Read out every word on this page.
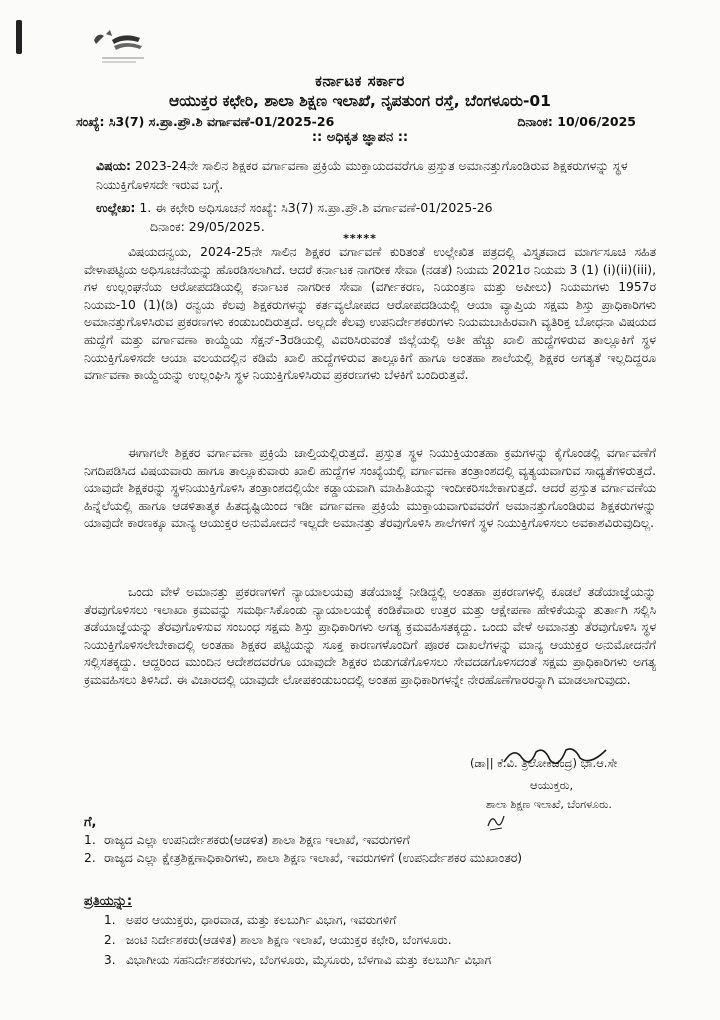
ಕರ್ನಾಟಕ ಸರ್ಕಾರ
ಆಯುಕ್ತರ ಕಛೇರಿ, ಶಾಲಾ ಶಿಕ್ಷಣ ಇಲಾಖೆ, ನೃಪತುಂಗ ರಸ್ತೆ, ಬೆಂಗಳೂರು-01
ಸಂಖ್ಯೆ: ಸಿ3(7) ಸ.ಪ್ರಾ.ಪ್ರೌ.ಶಿ ವರ್ಗಾವಣೆ-01/2025-26	ದಿನಾಂಕ: 10/06/2025
:: ಅಧಿಕೃತ ಜ್ಞಾಪನ ::
ವಿಷಯ: 2023-24ನೇ ಸಾಲಿನ ಶಿಕ್ಷಕರ ವರ್ಗಾವಣಾ ಪ್ರಕ್ರಿಯೆ ಮುಕ್ತಾಯದವರೆಗೂ ಪ್ರಸ್ತುತ ಅಮಾನತ್ತುಗೊಂಡಿರುವ ಶಿಕ್ಷಕರುಗಳನ್ನು ಸ್ಥಳ ನಿಯುಕ್ತಿಗೊಳಿಸದೇ ಇರುವ ಬಗ್ಗೆ.
ಉಲ್ಲೇಖ: 1. ಈ ಕಛೇರಿ ಅಧಿಸೂಚನೆ ಸಂಖ್ಯೆ: ಸಿ3(7) ಸ.ಪ್ರಾ.ಪ್ರೌ.ಶಿ ವರ್ಗಾವಣೆ-01/2025-26
ದಿನಾಂಕ: 29/05/2025.
*****
ವಿಷಯದನ್ವಯ, 2024-25ನೇ ಸಾಲಿನ ಶಿಕ್ಷಕರ ವರ್ಗಾವಣೆ ಕುರಿತಂತೆ ಉಲ್ಲೇಖಿತ ಪತ್ರದಲ್ಲಿ ವಿಸ್ತೃತವಾದ ಮಾರ್ಗಸೂಚಿ ಸಹಿತ ವೇಳಾಪಟ್ಟಿಯ ಅಧಿಸೂಚನೆಯನ್ನು ಹೊರಡಿಸಲಾಗಿದೆ. ಆದರೆ ಕರ್ನಾಟಕ ನಾಗರೀಕ ಸೇವಾ (ನಡತೆ) ನಿಯಮ 2021ರ ನಿಯಮ 3 (1) (i)(ii)(iii), ಗಳ ಉಲ್ಲಂಘನೆಯ ಆರೋಪದಡಿಯಲ್ಲಿ ಕರ್ನಾಟಕ ನಾಗರೀಕ ಸೇವಾ (ವರ್ಗೀಕರಣ, ನಿಯಂತ್ರಣ ಮತ್ತು ಅಪೀಲು) ನಿಯಮಗಳು 1957ರ ನಿಯಮ-10 (1)(ಡಿ) ರನ್ವಯ ಕೆಲವು ಶಿಕ್ಷಕರುಗಳನ್ನು ಕರ್ತವ್ಯಲೋಪದ ಆರೋಪದಡಿಯಲ್ಲಿ ಆಯಾ ವ್ಯಾಪ್ತಿಯ ಸಕ್ಷಮ ಶಿಸ್ತು ಪ್ರಾಧಿಕಾರಿಗಳು ಅಮಾನತ್ತುಗೊಳಿಸಿರುವ ಪ್ರಕರಣಗಳು ಕಂಡುಬಂದಿರುತ್ತದೆ. ಅಲ್ಲದೇ ಕೆಲವು ಉಪನಿರ್ದೇಶಕರುಗಳು ನಿಯಮಬಾಹಿರವಾಗಿ ವ್ಯತಿರಿಕ್ತ ಬೋಧನಾ ವಿಷಯದ ಹುದ್ದೆಗೆ ಮತ್ತು ವರ್ಗಾವಣಾ ಕಾಯ್ದೆಯ ಸೆಕ್ಷನ್-3ರಡಿಯಲ್ಲಿ ವಿವರಿಸಿರುವಂತೆ ಜಿಲ್ಲೆಯಲ್ಲಿ ಅತೀ ಹೆಚ್ಚು ಖಾಲಿ ಹುದ್ದೆಗಳಿರುವ ತಾಲ್ಲೂಕಿಗೆ ಸ್ಥಳ ನಿಯುಕ್ತಿಗೊಳಿಸದೇ ಆಯಾ ವಲಯದಲ್ಲಿನ ಕಡಿಮೆ ಖಾಲಿ ಹುದ್ದೆಗಳಿರುವ ತಾಲ್ಲೂಕಿಗೆ ಹಾಗೂ ಅಂತಹಾ ಶಾಲೆಯಲ್ಲಿ ಶಿಕ್ಷಕರ ಅಗತ್ಯತೆ ಇಲ್ಲದಿದ್ದರೂ ವರ್ಗಾವಣಾ ಕಾಯ್ದೆಯನ್ನು ಉಲ್ಲಂಘಿಸಿ ಸ್ಥಳ ನಿಯುಕ್ತಿಗೊಳಿಸಿರುವ ಪ್ರಕರಣಗಳು ಬೆಳಕಿಗೆ ಬಂದಿರುತ್ತವೆ.
ಈಗಾಗಲೇ ಶಿಕ್ಷಕರ ವರ್ಗಾವಣಾ ಪ್ರಕ್ರಿಯೆ ಚಾಲ್ತಿಯಲ್ಲಿರುತ್ತದೆ. ಪ್ರಸ್ತುತ ಸ್ಥಳ ನಿಯುಕ್ತಿಯಂತಹಾ ಕ್ರಮಗಳನ್ನು ಕೈಗೊಂಡಲ್ಲಿ ವರ್ಗಾವಣೆಗೆ ನಿಗದಿಪಡಿಸಿದ ವಿಷಯವಾರು ಹಾಗೂ ತಾಲ್ಲೂಕುವಾರು ಖಾಲಿ ಹುದ್ದೆಗಳ ಸಂಖ್ಯೆಯಲ್ಲಿ ವರ್ಗಾವಣಾ ತಂತ್ರಾಂಶದಲ್ಲಿ ವ್ಯತ್ಯಯವಾಗುವ ಸಾಧ್ಯತೆಗಳಿರುತ್ತದೆ. ಯಾವುದೇ ಶಿಕ್ಷಕರನ್ನು ಸ್ಥಳನಿಯುಕ್ತಿಗೊಳಿಸಿ ತಂತ್ರಾಂಶದಲ್ಲಿಯೇ ಕಡ್ಡಾಯವಾಗಿ ಮಾಹಿತಿಯನ್ನು ಇಂದೀಕರಿಸಬೇಕಾಗುತ್ತದೆ. ಆದರೆ ಪ್ರಸ್ತುತ ವರ್ಗಾವಣೆಯ ಹಿನ್ನೆಲೆಯಲ್ಲಿ ಹಾಗೂ ಆಡಳಿತಾತ್ಮಕ ಹಿತದೃಷ್ಟಿಯಿಂದ ಇಡೀ ವರ್ಗಾವಣಾ ಪ್ರಕ್ರಿಯೆ ಮುಕ್ತಾಯವಾಗುವವರೆಗೆ ಅಮಾನತ್ತುಗೊಂಡಿರುವ ಶಿಕ್ಷಕರುಗಳನ್ನು ಯಾವುದೇ ಕಾರಣಕ್ಕೂ ಮಾನ್ಯ ಆಯುಕ್ತರ ಅನುಮೋದನೆ ಇಲ್ಲದೇ ಅಮಾನತ್ತು ತೆರವುಗೊಳಿಸಿ ಶಾಲೆಗಳಿಗೆ ಸ್ಥಳ ನಿಯುಕ್ತಿಗೊಳಿಸಲು ಅವಕಾಶವಿರುವುದಿಲ್ಲ.
ಒಂದು ವೇಳೆ ಅಮಾನತ್ತು ಪ್ರಕರಣಗಳಿಗೆ ನ್ಯಾಯಾಲಯವು ತಡೆಯಾಜ್ಞೆ ನೀಡಿದ್ದಲ್ಲಿ ಅಂತಹಾ ಪ್ರಕರಣಗಳಲ್ಲಿ ಕೂಡಲೆ ತಡೆಯಾಜ್ಞೆಯನ್ನು ತೆರವುಗೊಳಿಸಲು ಇಲಾಖಾ ಕ್ರಮವನ್ನು ಸಮರ್ಥಿಸಿಕೊಂಡು ನ್ಯಾಯಾಲಯಕ್ಕೆ ಕಂಡಿಕೆವಾರು ಉತ್ತರ ಮತ್ತು ಆಕ್ಷೇಪಣಾ ಹೇಳಿಕೆಯನ್ನು ತುರ್ತಾಗಿ ಸಲ್ಲಿಸಿ ತಡೆಯಾಜ್ಞೆಯನ್ನು ತೆರವುಗೊಳಿಸುವ ಸಂಬಂಧ ಸಕ್ಷಮ ಶಿಸ್ತು ಪ್ರಾಧಿಕಾರಿಗಳು ಅಗತ್ಯ ಕ್ರಮವಹಿಸತಕ್ಕದ್ದು. ಒಂದು ವೇಳೆ ಅಮಾನತ್ತು ತೆರವುಗೊಳಿಸಿ ಸ್ಥಳ ನಿಯುಕ್ತಿಗೊಳಿಸಲೇಬೇಕಾದಲ್ಲಿ ಅಂತಹಾ ಶಿಕ್ಷಕರ ಪಟ್ಟಿಯನ್ನು ಸೂಕ್ತ ಕಾರಣಗಳೊಂದಿಗೆ ಪೂರಕ ದಾಖಲೆಗಳನ್ನು ಮಾನ್ಯ ಆಯುಕ್ತರ ಅನುಮೋದನೆಗೆ ಸಲ್ಲಿಸತಕ್ಕದ್ದು. ಆದ್ದರಿಂದ ಮುಂದಿನ ಆದೇಶದವರೆಗೂ ಯಾವುದೇ ಶಿಕ್ಷಕರ ಬಿಡುಗಡೆಗೊಳಿಸಲು ಸೇವದಡಗೊಳಿಸದಂತೆ ಸಕ್ಷಮ ಪ್ರಾಧಿಕಾರಿಗಳು ಅಗತ್ಯ ಕ್ರಮವಹಿಸಲು ತಿಳಿಸಿದೆ. ಈ ವಿಚಾರದಲ್ಲಿ ಯಾವುದೇ ಲೋಪಕಂಡುಬಂದಲ್ಲಿ ಅಂತಹ ಪ್ರಾಧಿಕಾರಿಗಳನ್ನೇ ನೇರಹೊಣೆಗಾರರನ್ನಾಗಿ ಮಾಡಲಾಗುವುದು.
(ಡಾ|| ಕೆ.ವಿ. ತ್ರಿಲೋಕಚಂದ್ರ) ಭಾ.ಆ.ಸೇ
ಆಯುಕ್ತರು,
ಶಾಲಾ ಶಿಕ್ಷಣ ಇಲಾಖೆ, ಬೆಂಗಳೂರು.
ಗೆ,
1. ರಾಜ್ಯದ ಎಲ್ಲಾ ಉಪನಿರ್ದೇಶಕರು(ಆಡಳಿತ) ಶಾಲಾ ಶಿಕ್ಷಣ ಇಲಾಖೆ, ಇವರುಗಳಿಗೆ
2. ರಾಜ್ಯದ ಎಲ್ಲಾ ಕ್ಷೇತ್ರಶಿಕ್ಷಣಾಧಿಕಾರಿಗಳು, ಶಾಲಾ ಶಿಕ್ಷಣ ಇಲಾಖೆ, ಇವರುಗಳಿಗೆ (ಉಪನಿರ್ದೇಶಕರ ಮುಖಾಂತರ)
ಪ್ರತಿಯನ್ನು:
1. ಅಪರ ಆಯುಕ್ತರು, ಧಾರವಾಡ, ಮತ್ತು ಕಲಬುರ್ಗಿ ವಿಭಾಗ, ಇವರುಗಳಿಗೆ
2. ಜಂಟಿ ನಿರ್ದೇಶಕರು(ಆಡಳಿತ) ಶಾಲಾ ಶಿಕ್ಷಣ ಇಲಾಖೆ, ಆಯುಕ್ತರ ಕಛೇರಿ, ಬೆಂಗಳೂರು.
3. ವಿಭಾಗೀಯ ಸಹನಿರ್ದೇಶಕರುಗಳು, ಬೆಂಗಳೂರು, ಮೈಸೂರು, ಬೆಳಗಾವಿ ಮತ್ತು ಕಲಬುರ್ಗಿ ವಿಭಾಗ
